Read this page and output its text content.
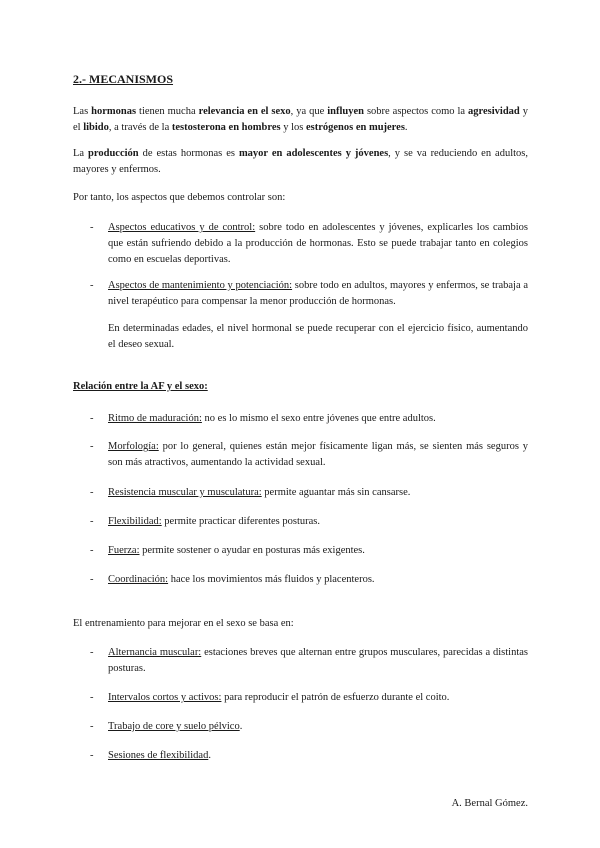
2.- MECANISMOS

Las hormonas tienen mucha relevancia en el sexo, ya que influyen sobre aspectos como la agresividad y el libido, a través de la testosterona en hombres y los estrógenos en mujeres.

La producción de estas hormonas es mayor en adolescentes y jóvenes, y se va reduciendo en adultos, mayores y enfermos.

Por tanto, los aspectos que debemos controlar son:

- Aspectos educativos y de control: sobre todo en adolescentes y jóvenes, explicarles los cambios que están sufriendo debido a la producción de hormonas. Esto se puede trabajar tanto en colegios como en escuelas deportivas.
- Aspectos de mantenimiento y potenciación: sobre todo en adultos, mayores y enfermos, se trabaja a nivel terapéutico para compensar la menor producción de hormonas.

En determinadas edades, el nivel hormonal se puede recuperar con el ejercicio físico, aumentando el deseo sexual.

Relación entre la AF y el sexo:
- Ritmo de maduración: no es lo mismo el sexo entre jóvenes que entre adultos.
- Morfología: por lo general, quienes están mejor físicamente ligan más, se sienten más seguros y son más atractivos, aumentando la actividad sexual.
- Resistencia muscular y musculatura: permite aguantar más sin cansarse.
- Flexibilidad: permite practicar diferentes posturas.
- Fuerza: permite sostener o ayudar en posturas más exigentes.
- Coordinación: hace los movimientos más fluidos y placenteros.

El entrenamiento para mejorar en el sexo se basa en:

- Alternancia muscular: estaciones breves que alternan entre grupos musculares, parecidas a distintas posturas.
- Intervalos cortos y activos: para reproducir el patrón de esfuerzo durante el coito.
- Trabajo de core y suelo pélvico.
- Sesiones de flexibilidad.

A. Bernal Gómez.
